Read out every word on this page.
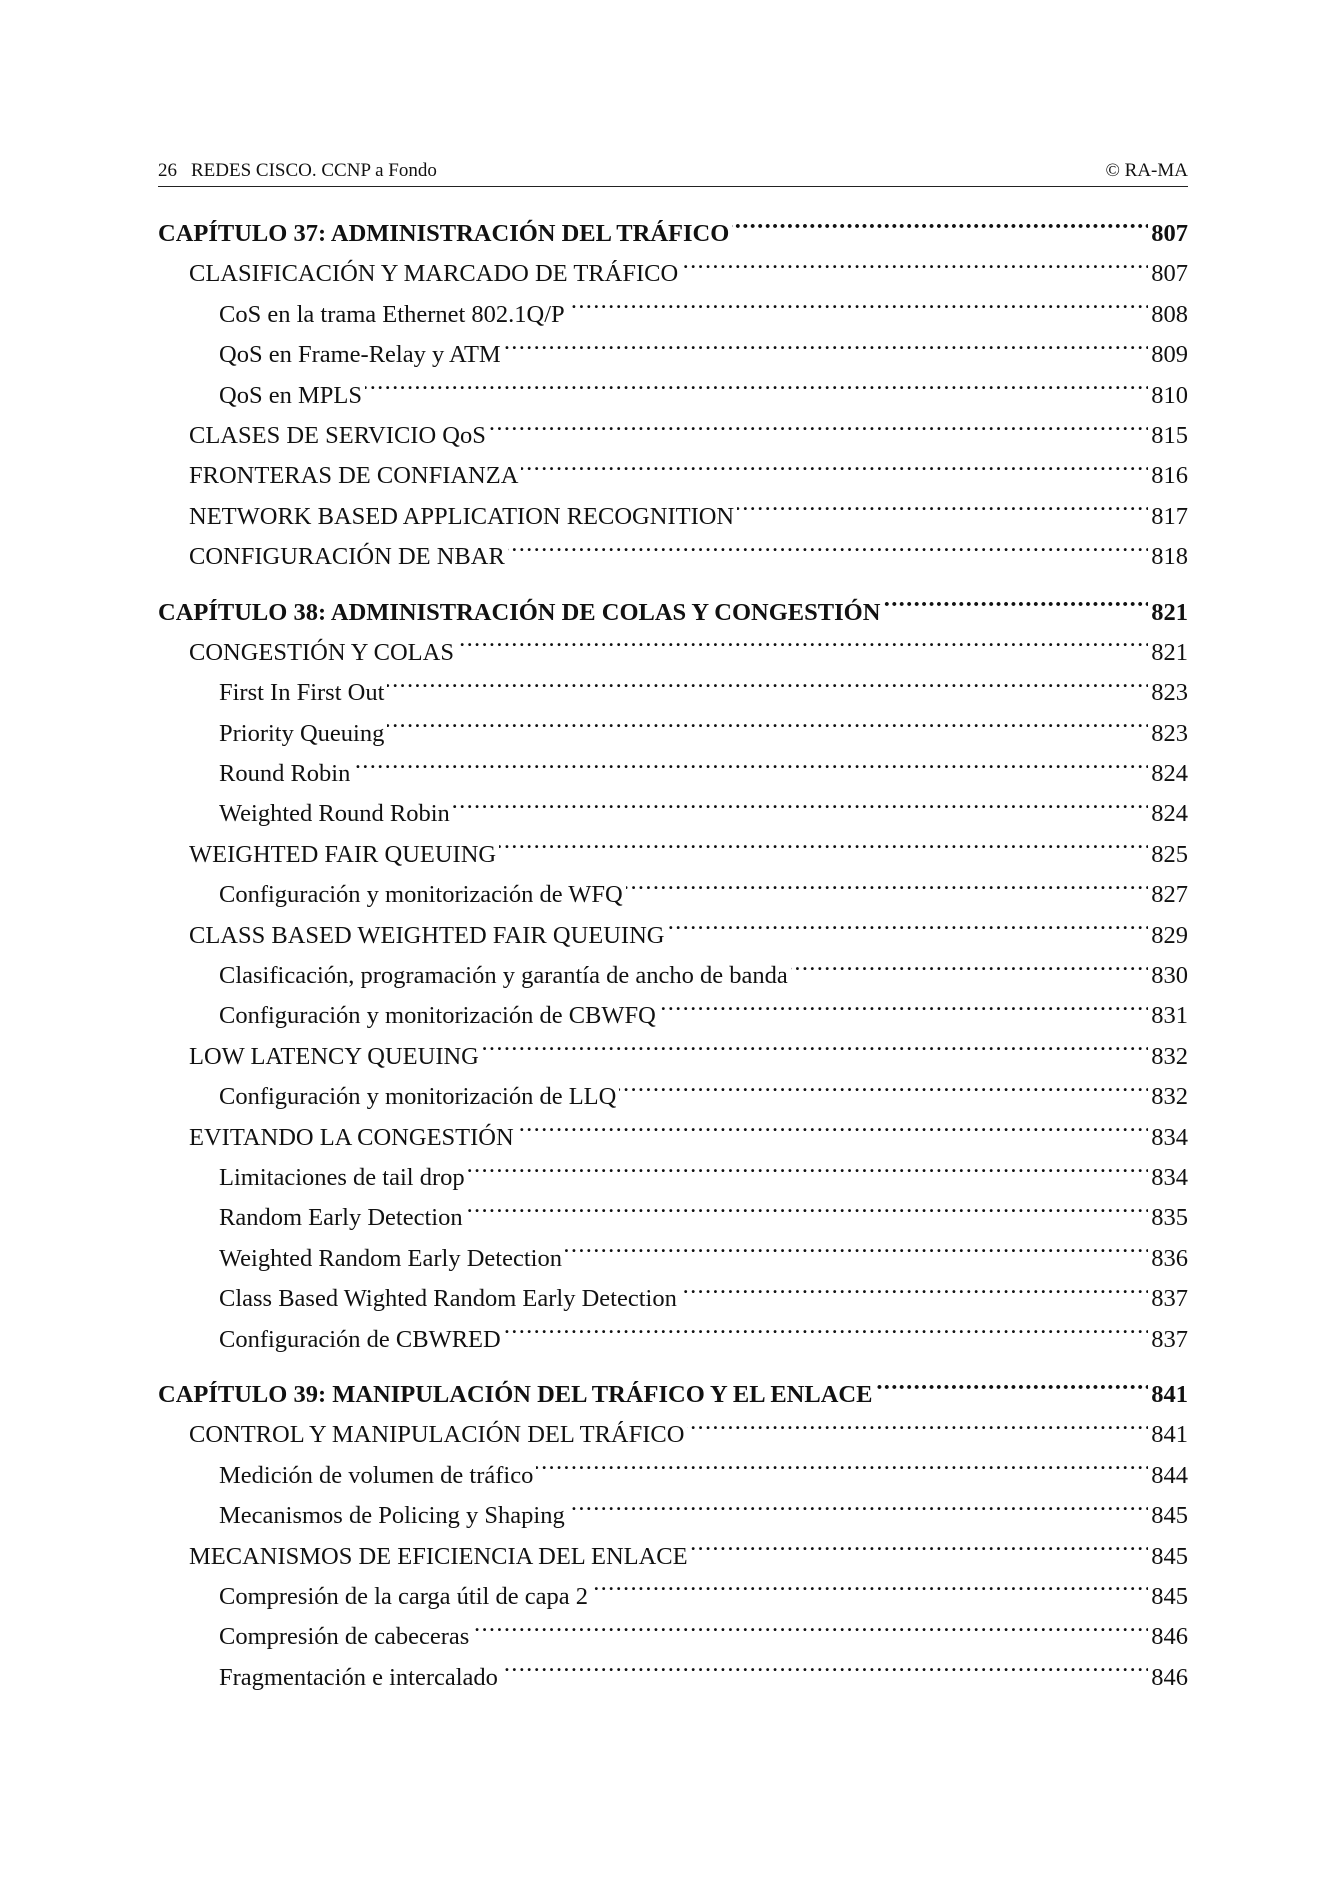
26 REDES CISCO. CCNP a Fondo	© RA-MA
CAPÍTULO 37: ADMINISTRACIÓN DEL TRÁFICO . . .	807
CLASIFICACIÓN Y MARCADO DE TRÁFICO . . .	807
CoS en la trama Ethernet 802.1Q/P . . .	808
QoS en Frame-Relay y ATM . . .	809
QoS en MPLS . . .	810
CLASES DE SERVICIO QoS . . .	815
FRONTERAS DE CONFIANZA . . .	816
NETWORK BASED APPLICATION RECOGNITION . . .	817
CONFIGURACIÓN DE NBAR . . .	818
CAPÍTULO 38: ADMINISTRACIÓN DE COLAS Y CONGESTIÓN . . .	821
CONGESTIÓN Y COLAS . . .	821
First In First Out . . .	823
Priority Queuing . . .	823
Round Robin . . .	824
Weighted Round Robin . . .	824
WEIGHTED FAIR QUEUING . . .	825
Configuración y monitorización de WFQ . . .	827
CLASS BASED WEIGHTED FAIR QUEUING . . .	829
Clasificación, programación y garantía de ancho de banda . . .	830
Configuración y monitorización de CBWFQ . . .	831
LOW LATENCY QUEUING . . .	832
Configuración y monitorización de LLQ . . .	832
EVITANDO LA CONGESTIÓN . . .	834
Limitaciones de tail drop . . .	834
Random Early Detection . . .	835
Weighted Random Early Detection . . .	836
Class Based Wighted Random Early Detection . . .	837
Configuración de CBWRED . . .	837
CAPÍTULO 39: MANIPULACIÓN DEL TRÁFICO Y EL ENLACE . . .	841
CONTROL Y MANIPULACIÓN DEL TRÁFICO . . .	841
Medición de volumen de tráfico . . .	844
Mecanismos de Policing y Shaping . . .	845
MECANISMOS DE EFICIENCIA DEL ENLACE . . .	845
Compresión de la carga útil de capa 2 . . .	845
Compresión de cabeceras . . .	846
Fragmentación e intercalado . . .	846
